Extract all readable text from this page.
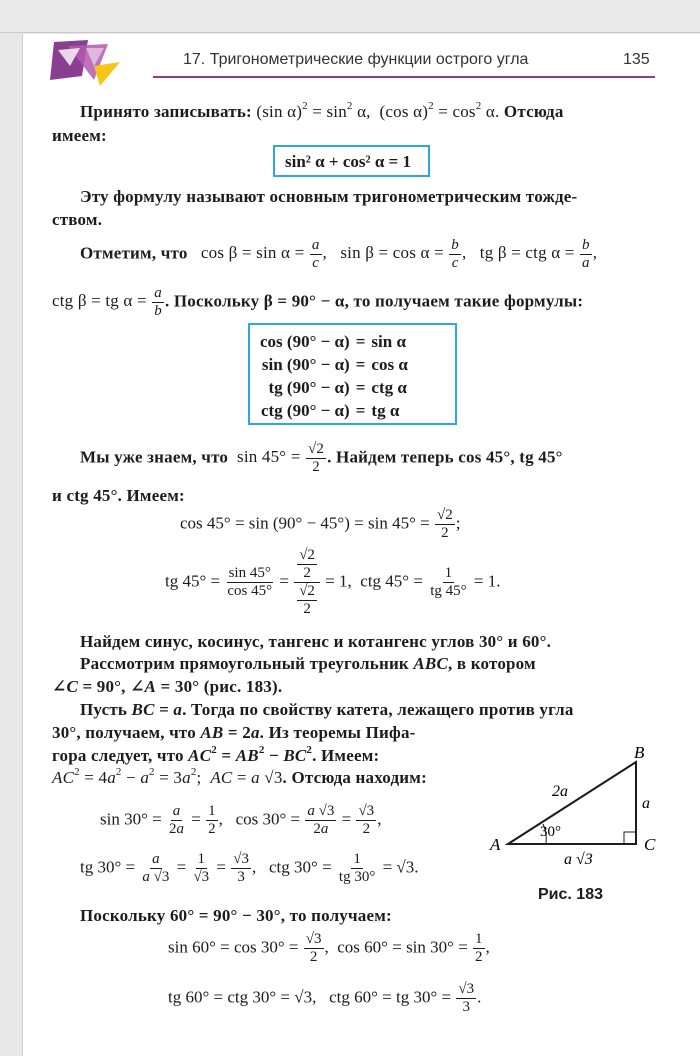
17. Тригонометрические функции острого угла	135
Принято записывать: (sin $\alpha)^2 = \sin^2 \alpha$,  (cos $\alpha)^2 = \cos^2 \alpha$. Отсюда
имеем:
sin² α + cos² α = 1
Эту формулу называют основным тригонометрическим тожде-
ством.
Отметим, что   $\cos \beta = \sin \alpha = \frac{a}{c}$ ,   $\sin \beta = \cos \alpha = \frac{b}{c}$ ,   tg β = ctg $\alpha = \frac{b}{a}$ ,
ctg β = tg $\alpha = \frac{a}{b}$ . Поскольку β = 90° − α, то получаем такие формулы:
cos (90° − α)	=	sin α
sin (90° − α)	=	cos α
tg (90° − α)	=	ctg α
ctg (90° − α)	=	tg α
Мы уже знаем, что  $\sin 45^\circ = \frac{√2}{2}$ . Найдем теперь cos 45°, tg 45°
и ctg 45°. Имеем:
$\cos 45^\circ = \sin (90^\circ - 45^\circ) = \sin 45^\circ = \frac{√2}{2}$ ;
tg $45^\circ = \frac{\sin 45^\circ}{\cos 45^\circ} = \frac{\frac{√2}{2}}{\frac{√2}{2}} = 1$,  ctg $45^\circ = \frac{1}{tg 45^\circ} = 1$.
Найдем синус, косинус, тангенс и котангенс углов 30° и 60°.
Рассмотрим прямоугольный треугольник ABC, в котором
∠C = 90°, ∠A = 30° (рис. 183).
Пусть BC = a. Тогда по свойству катета, лежащего против угла
30°, получаем, что AB = 2a. Из теоремы Пифа-
гора следует, что $AC^2 = AB^2 - BC^2$. Имеем:
$AC^2 = 4a^2 - a^2 = 3a^2$;  AC = a √3. Отсюда находим:
$\sin 30^\circ = \frac{a}{2a} = \frac{1}{2}$ ,   $\cos 30^\circ = \frac{a √3}{2a} = \frac{√3}{2}$ ,
tg $30^\circ = \frac{a}{a √3} = \frac{1}{√3} = \frac{√3}{3}$ ,   ctg $30^\circ = \frac{1}{tg 30^\circ} = √3$.
A
B
C
2a
a
a √3
30°
Рис. 183
Поскольку 60° = 90° − 30°, то получаем:
$\sin 60^\circ = \cos 30^\circ = \frac{√3}{2}$ ,  $\cos 60^\circ = \sin 30^\circ = \frac{1}{2}$ ,
tg 60° = ctg 30° = √3,   ctg 60° = tg $30^\circ = \frac{√3}{3}$ .
